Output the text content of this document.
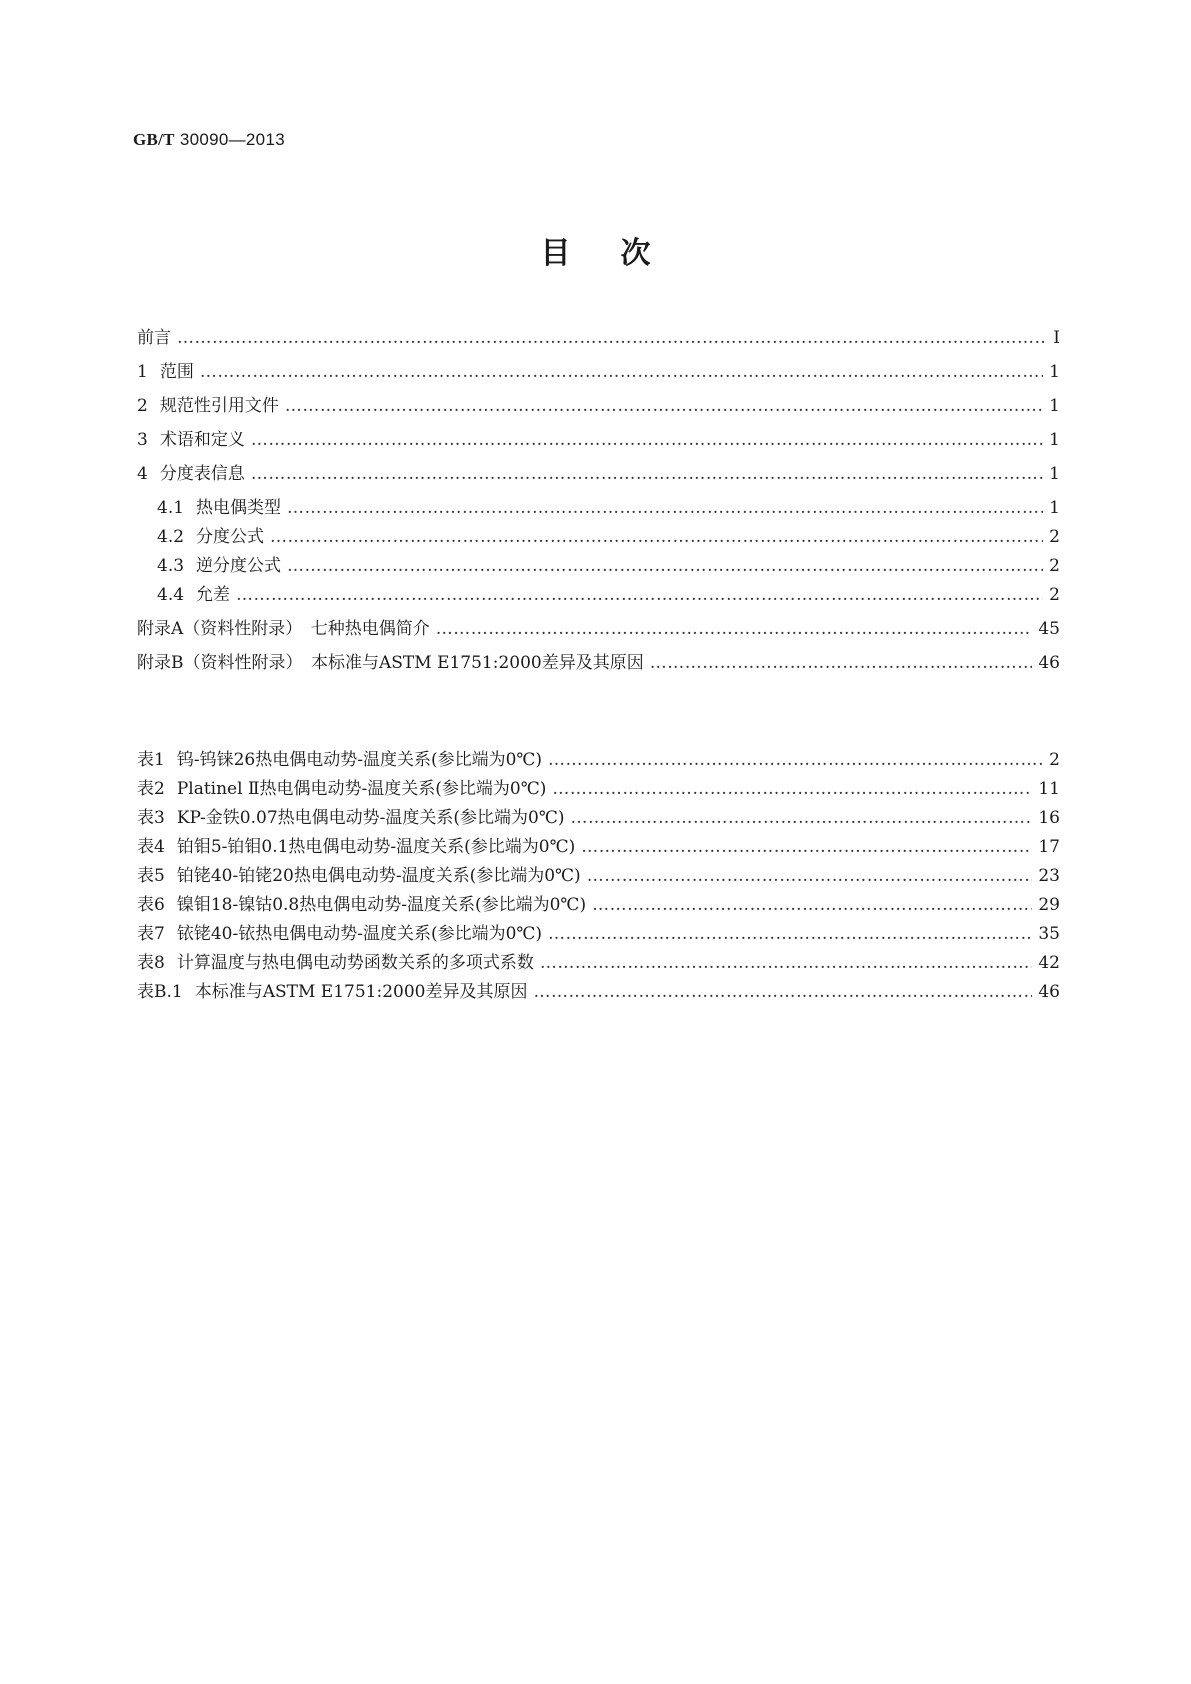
GB/T 30090—2013
目次
前言 …………………………………………………………………………………………………………………………………………………………………………………………………………………………………………………………………………	Ⅰ
1 范围 …………………………………………………………………………………………………………………………………………………………………………………………………………………………………………………………………………	1
2 规范性引用文件 …………………………………………………………………………………………………………………………………………………………………………………………………………………………………………………………………………	1
3 术语和定义 …………………………………………………………………………………………………………………………………………………………………………………………………………………………………………………………………………	1
4 分度表信息 …………………………………………………………………………………………………………………………………………………………………………………………………………………………………………………………………………	1
4.1 热电偶类型 …………………………………………………………………………………………………………………………………………………………………………………………………………………………………………………………………………	1
4.2 分度公式 …………………………………………………………………………………………………………………………………………………………………………………………………………………………………………………………………………	2
4.3 逆分度公式 …………………………………………………………………………………………………………………………………………………………………………………………………………………………………………………………………………	2
4.4 允差 …………………………………………………………………………………………………………………………………………………………………………………………………………………………………………………………………………	2
附录A（资料性附录）　七种热电偶简介 …………………………………………………………………………………………………………………………………………………………………………………………………………………………………………………………………………	45
附录B（资料性附录）　本标准与ASTM E1751:2000差异及其原因 …………………………………………………………………………………………………………………………………………………………………………………………………………………………………………………………………………	46
表1 钨-钨铼26热电偶电动势-温度关系(参比端为0℃) …………………………………………………………………………………………………………………………………………………………………………………………………………………………………………………………………………	2
表2 Platinel Ⅱ热电偶电动势-温度关系(参比端为0℃) …………………………………………………………………………………………………………………………………………………………………………………………………………………………………………………………………………	11
表3 KP-金铁0.07热电偶电动势-温度关系(参比端为0℃) …………………………………………………………………………………………………………………………………………………………………………………………………………………………………………………………………………	16
表4 铂钼5-铂钼0.1热电偶电动势-温度关系(参比端为0℃) …………………………………………………………………………………………………………………………………………………………………………………………………………………………………………………………………………	17
表5 铂铑40-铂铑20热电偶电动势-温度关系(参比端为0℃) …………………………………………………………………………………………………………………………………………………………………………………………………………………………………………………………………………	23
表6 镍钼18-镍钴0.8热电偶电动势-温度关系(参比端为0℃) …………………………………………………………………………………………………………………………………………………………………………………………………………………………………………………………………………	29
表7 铱铑40-铱热电偶电动势-温度关系(参比端为0℃) …………………………………………………………………………………………………………………………………………………………………………………………………………………………………………………………………………	35
表8 计算温度与热电偶电动势函数关系的多项式系数 …………………………………………………………………………………………………………………………………………………………………………………………………………………………………………………………………………	42
表B.1 本标准与ASTM E1751:2000差异及其原因 …………………………………………………………………………………………………………………………………………………………………………………………………………………………………………………………………………	46
